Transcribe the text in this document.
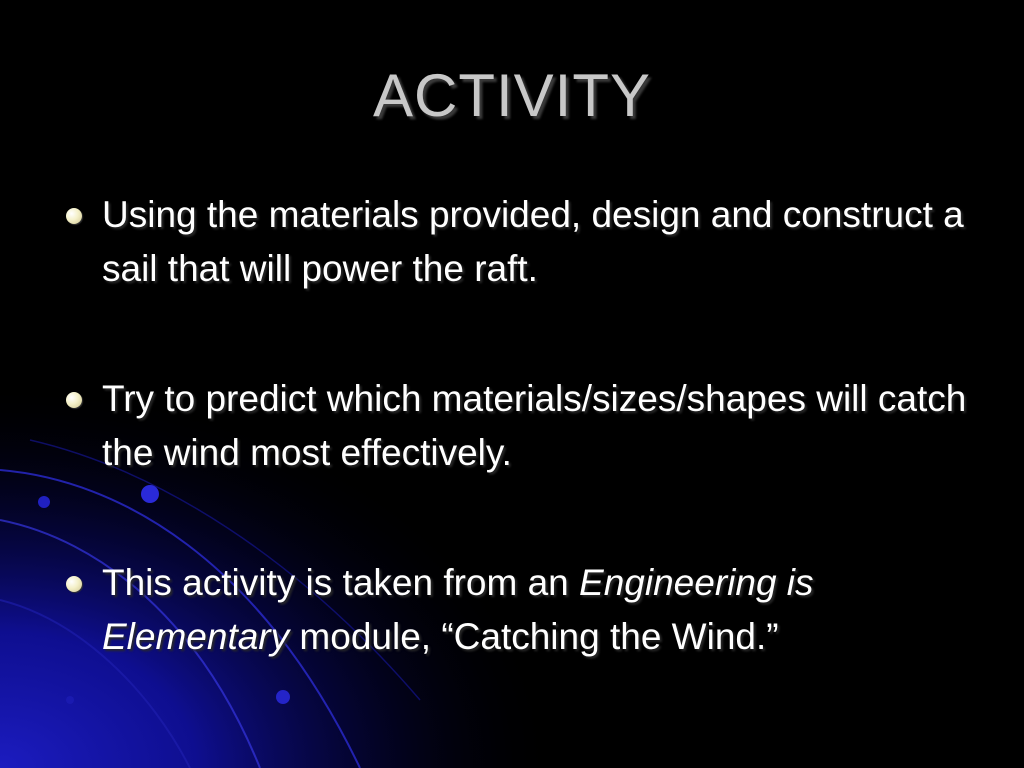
ACTIVITY
Using the materials provided, design and construct a sail that will power the raft.
Try to predict which materials/sizes/shapes will catch the wind most effectively.
This activity is taken from an Engineering is Elementary module, “Catching the Wind.”
